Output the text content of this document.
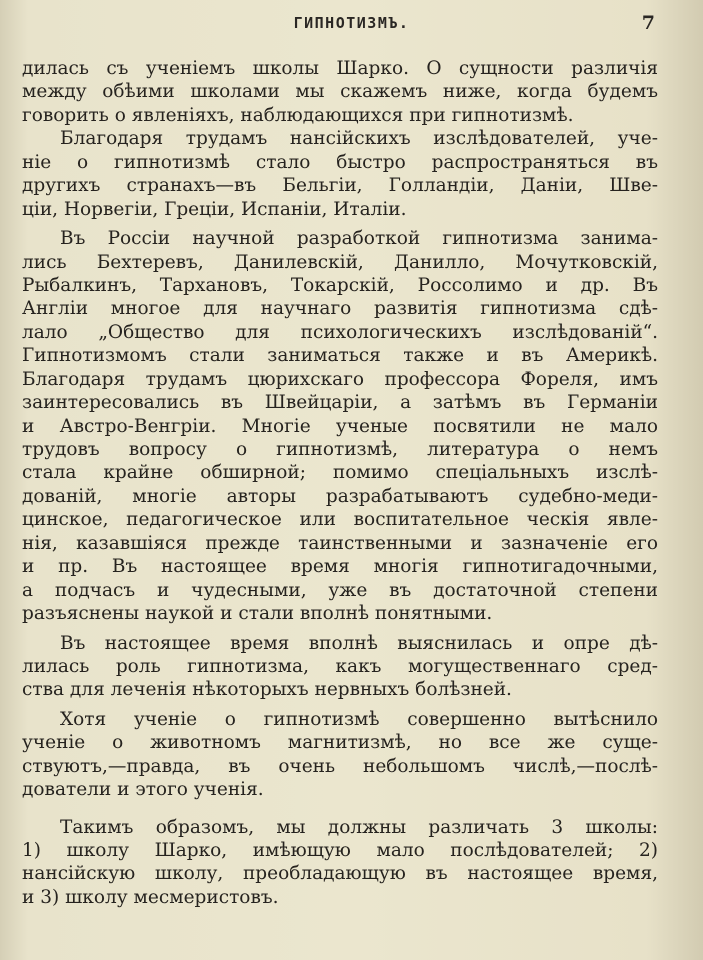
ГИПНОТИЗМЪ.	7
дилась съ ученіемъ школы Шарко. О сущности различія
между обѣими школами мы скажемъ ниже, когда будемъ
говорить о явленіяхъ, наблюдающихся при гипнотизмѣ.
Благодаря трудамъ нансійскихъ изслѣдователей, уче-
ніе о гипнотизмѣ стало быстро распространяться въ
другихъ странахъ—въ Бельгіи, Голландіи, Даніи, Шве-
ціи, Норвегіи, Греціи, Испаніи, Италіи.
Въ Россіи научной разработкой гипнотизма занима-
лись Бехтеревъ, Данилевскій, Данилло, Мочутковскій,
Рыбалкинъ, Тархановъ, Токарскій, Россолимо и др. Въ
Англіи многое для научнаго развитія гипнотизма сдѣ-
лало „Общество для психологическихъ изслѣдованій“.
Гипнотизмомъ стали заниматься также и въ Америкѣ.
Благодаря трудамъ цюрихскаго профессора Фореля, имъ
заинтересовались въ Швейцаріи, а затѣмъ въ Германіи
и Австро-Венгріи. Многіе ученые посвятили не мало
трудовъ вопросу о гипнотизмѣ, литература о немъ
стала крайне обширной; помимо спеціальныхъ изслѣ-
дованій, многіе авторы разрабатываютъ судебно-меди-
цинское, педагогическое или воспитательное ческія явле-
нія, казавшіяся прежде таинственными и зазначеніе его
и пр. Въ настоящее время многія гипнотигадочными,
а подчасъ и чудесными, уже въ достаточной степени
разъяснены наукой и стали вполнѣ понятными.
Въ настоящее время вполнѣ выяснилась и опре дѣ-
лилась роль гипнотизма, какъ могущественнаго сред-
ства для леченія нѣкоторыхъ нервныхъ болѣзней.
Хотя ученіе о гипнотизмѣ совершенно вытѣснило
ученіе о животномъ магнитизмѣ, но все же суще-
ствуютъ,—правда, въ очень небольшомъ числѣ,—послѣ-
дователи и этого ученія.
Такимъ образомъ, мы должны различать 3 школы:
1) школу Шарко, имѣющую мало послѣдователей; 2)
нансійскую школу, преобладающую въ настоящее время,
и 3) школу месмеристовъ.
